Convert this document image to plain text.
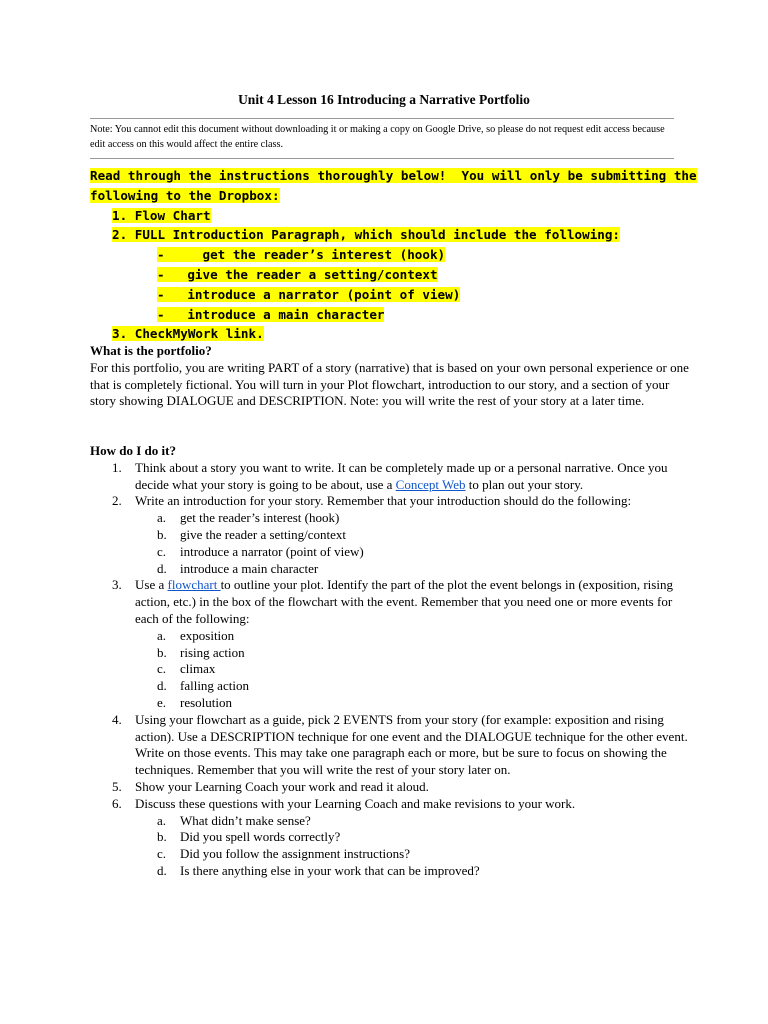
Unit 4 Lesson 16 Introducing a Narrative Portfolio
Note: You cannot edit this document without downloading it or making a copy on Google Drive, so please do not request edit access because edit access on this would affect the entire class.
Read through the instructions thoroughly below!  You will only be submitting the
following to the Dropbox:
1. Flow Chart
2. FULL Introduction Paragraph, which should include the following:
-     get the reader’s interest (hook)
- give the reader a setting/context
- introduce a narrator (point of view)
- introduce a main character
3. CheckMyWork link.
What is the portfolio?

For this portfolio, you are writing PART of a story (narrative) that is based on your own personal experience or one that is completely fictional. You will turn in your Plot flowchart, introduction to our story, and a section of your story showing DIALOGUE and DESCRIPTION. Note: you will write the rest of your story at a later time.

How do I do it?
1. Think about a story you want to write. It can be completely made up or a personal narrative. Once you decide what your story is going to be about, use a Concept Web to plan out your story.
2. Write an introduction for your story. Remember that your introduction should do the following:
a. get the reader’s interest (hook)
b. give the reader a setting/context
c. introduce a narrator (point of view)
d. introduce a main character
3. Use a flowchart to outline your plot. Identify the part of the plot the event belongs in (exposition, rising action, etc.) in the box of the flowchart with the event. Remember that you need one or more events for each of the following:
a. exposition
b. rising action
c. climax
d. falling action
e. resolution
4. Using your flowchart as a guide, pick 2 EVENTS from your story (for example: exposition and rising action). Use a DESCRIPTION technique for one event and the DIALOGUE technique for the other event. Write on those events. This may take one paragraph each or more, but be sure to focus on showing the techniques. Remember that you will write the rest of your story later on.
5. Show your Learning Coach your work and read it aloud.
6. Discuss these questions with your Learning Coach and make revisions to your work.
a. What didn’t make sense?
b. Did you spell words correctly?
c. Did you follow the assignment instructions?
d. Is there anything else in your work that can be improved?
